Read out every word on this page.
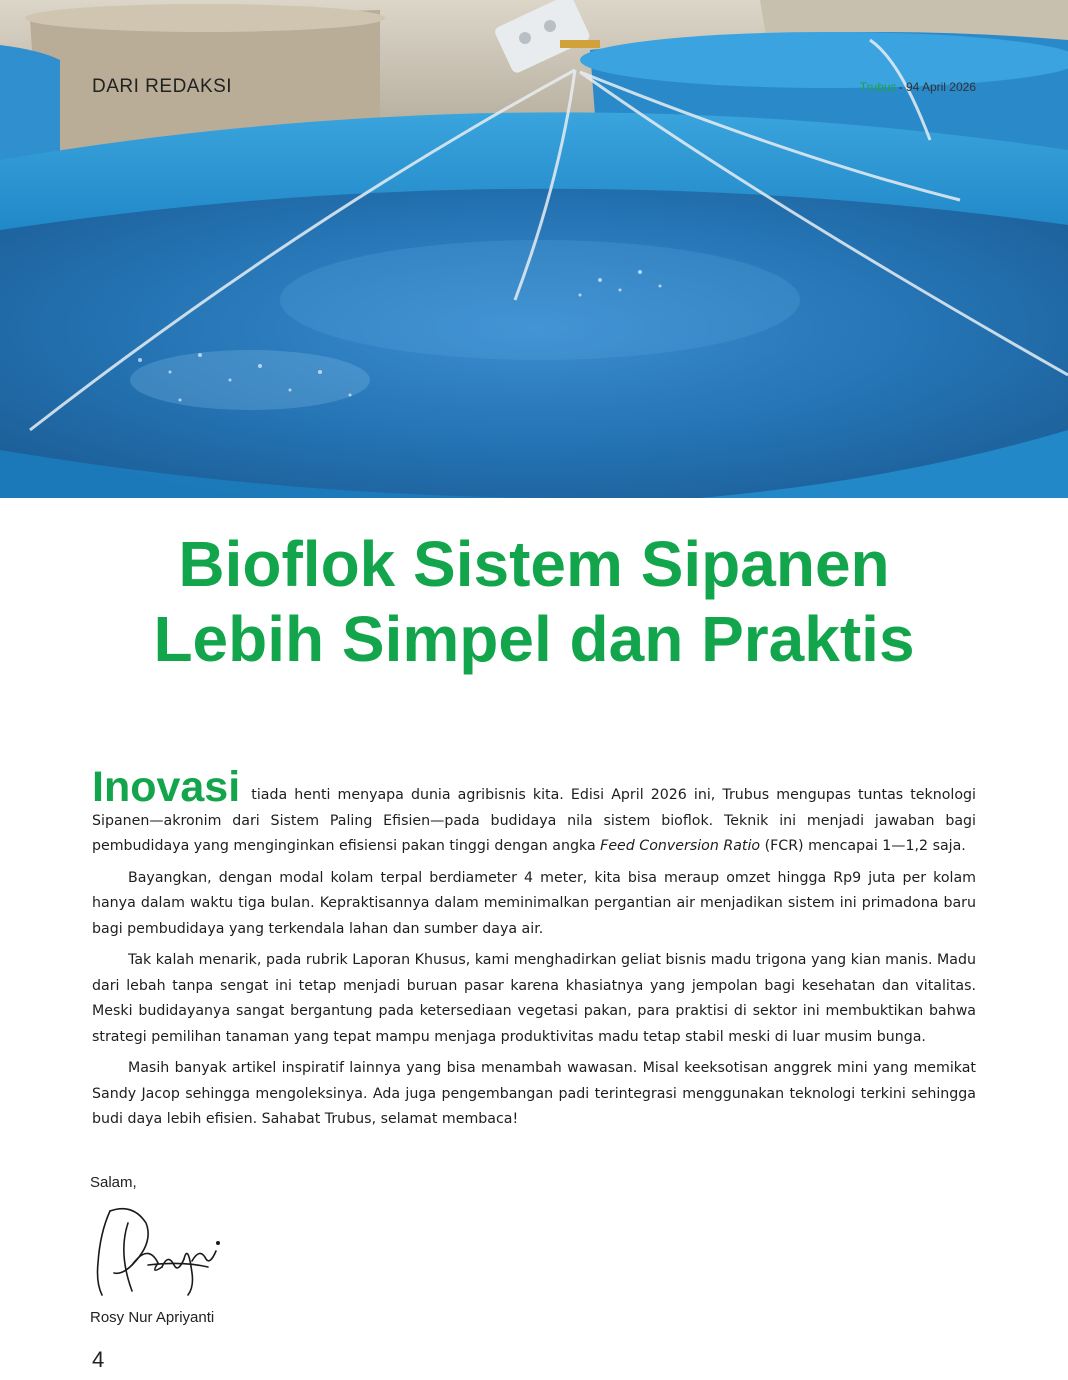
DARI REDAKSI	Trubus - 94 April 2026
Bioflok Sistem Sipanen
Lebih Simpel dan Praktis

Inovasi tiada henti menyapa dunia agribisnis kita. Edisi April 2026 ini, Trubus mengupas tuntas teknologi Sipanen—akronim dari Sistem Paling Efisien—pada budidaya nila sistem bioflok. Teknik ini menjadi jawaban bagi pembudidaya yang menginginkan efisiensi pakan tinggi dengan angka Feed Conversion Ratio (FCR) mencapai 1—1,2 saja.

Bayangkan, dengan modal kolam terpal berdiameter 4 meter, kita bisa meraup omzet hingga Rp9 juta per kolam hanya dalam waktu tiga bulan. Kepraktisannya dalam meminimalkan pergantian air menjadikan sistem ini primadona baru bagi pembudidaya yang terkendala lahan dan sumber daya air.

Tak kalah menarik, pada rubrik Laporan Khusus, kami menghadirkan geliat bisnis madu trigona yang kian manis. Madu dari lebah tanpa sengat ini tetap menjadi buruan pasar karena khasiatnya yang jempolan bagi kesehatan dan vitalitas. Meski budidayanya sangat bergantung pada ketersediaan vegetasi pakan, para praktisi di sektor ini membuktikan bahwa strategi pemilihan tanaman yang tepat mampu menjaga produktivitas madu tetap stabil meski di luar musim bunga.

Masih banyak artikel inspiratif lainnya yang bisa menambah wawasan. Misal keeksotisan anggrek mini yang memikat Sandy Jacop sehingga mengoleksinya. Ada juga pengembangan padi terintegrasi menggunakan teknologi terkini sehingga budi daya lebih efisien. Sahabat Trubus, selamat membaca!

Salam,
Rosy Nur Apriyanti
4
